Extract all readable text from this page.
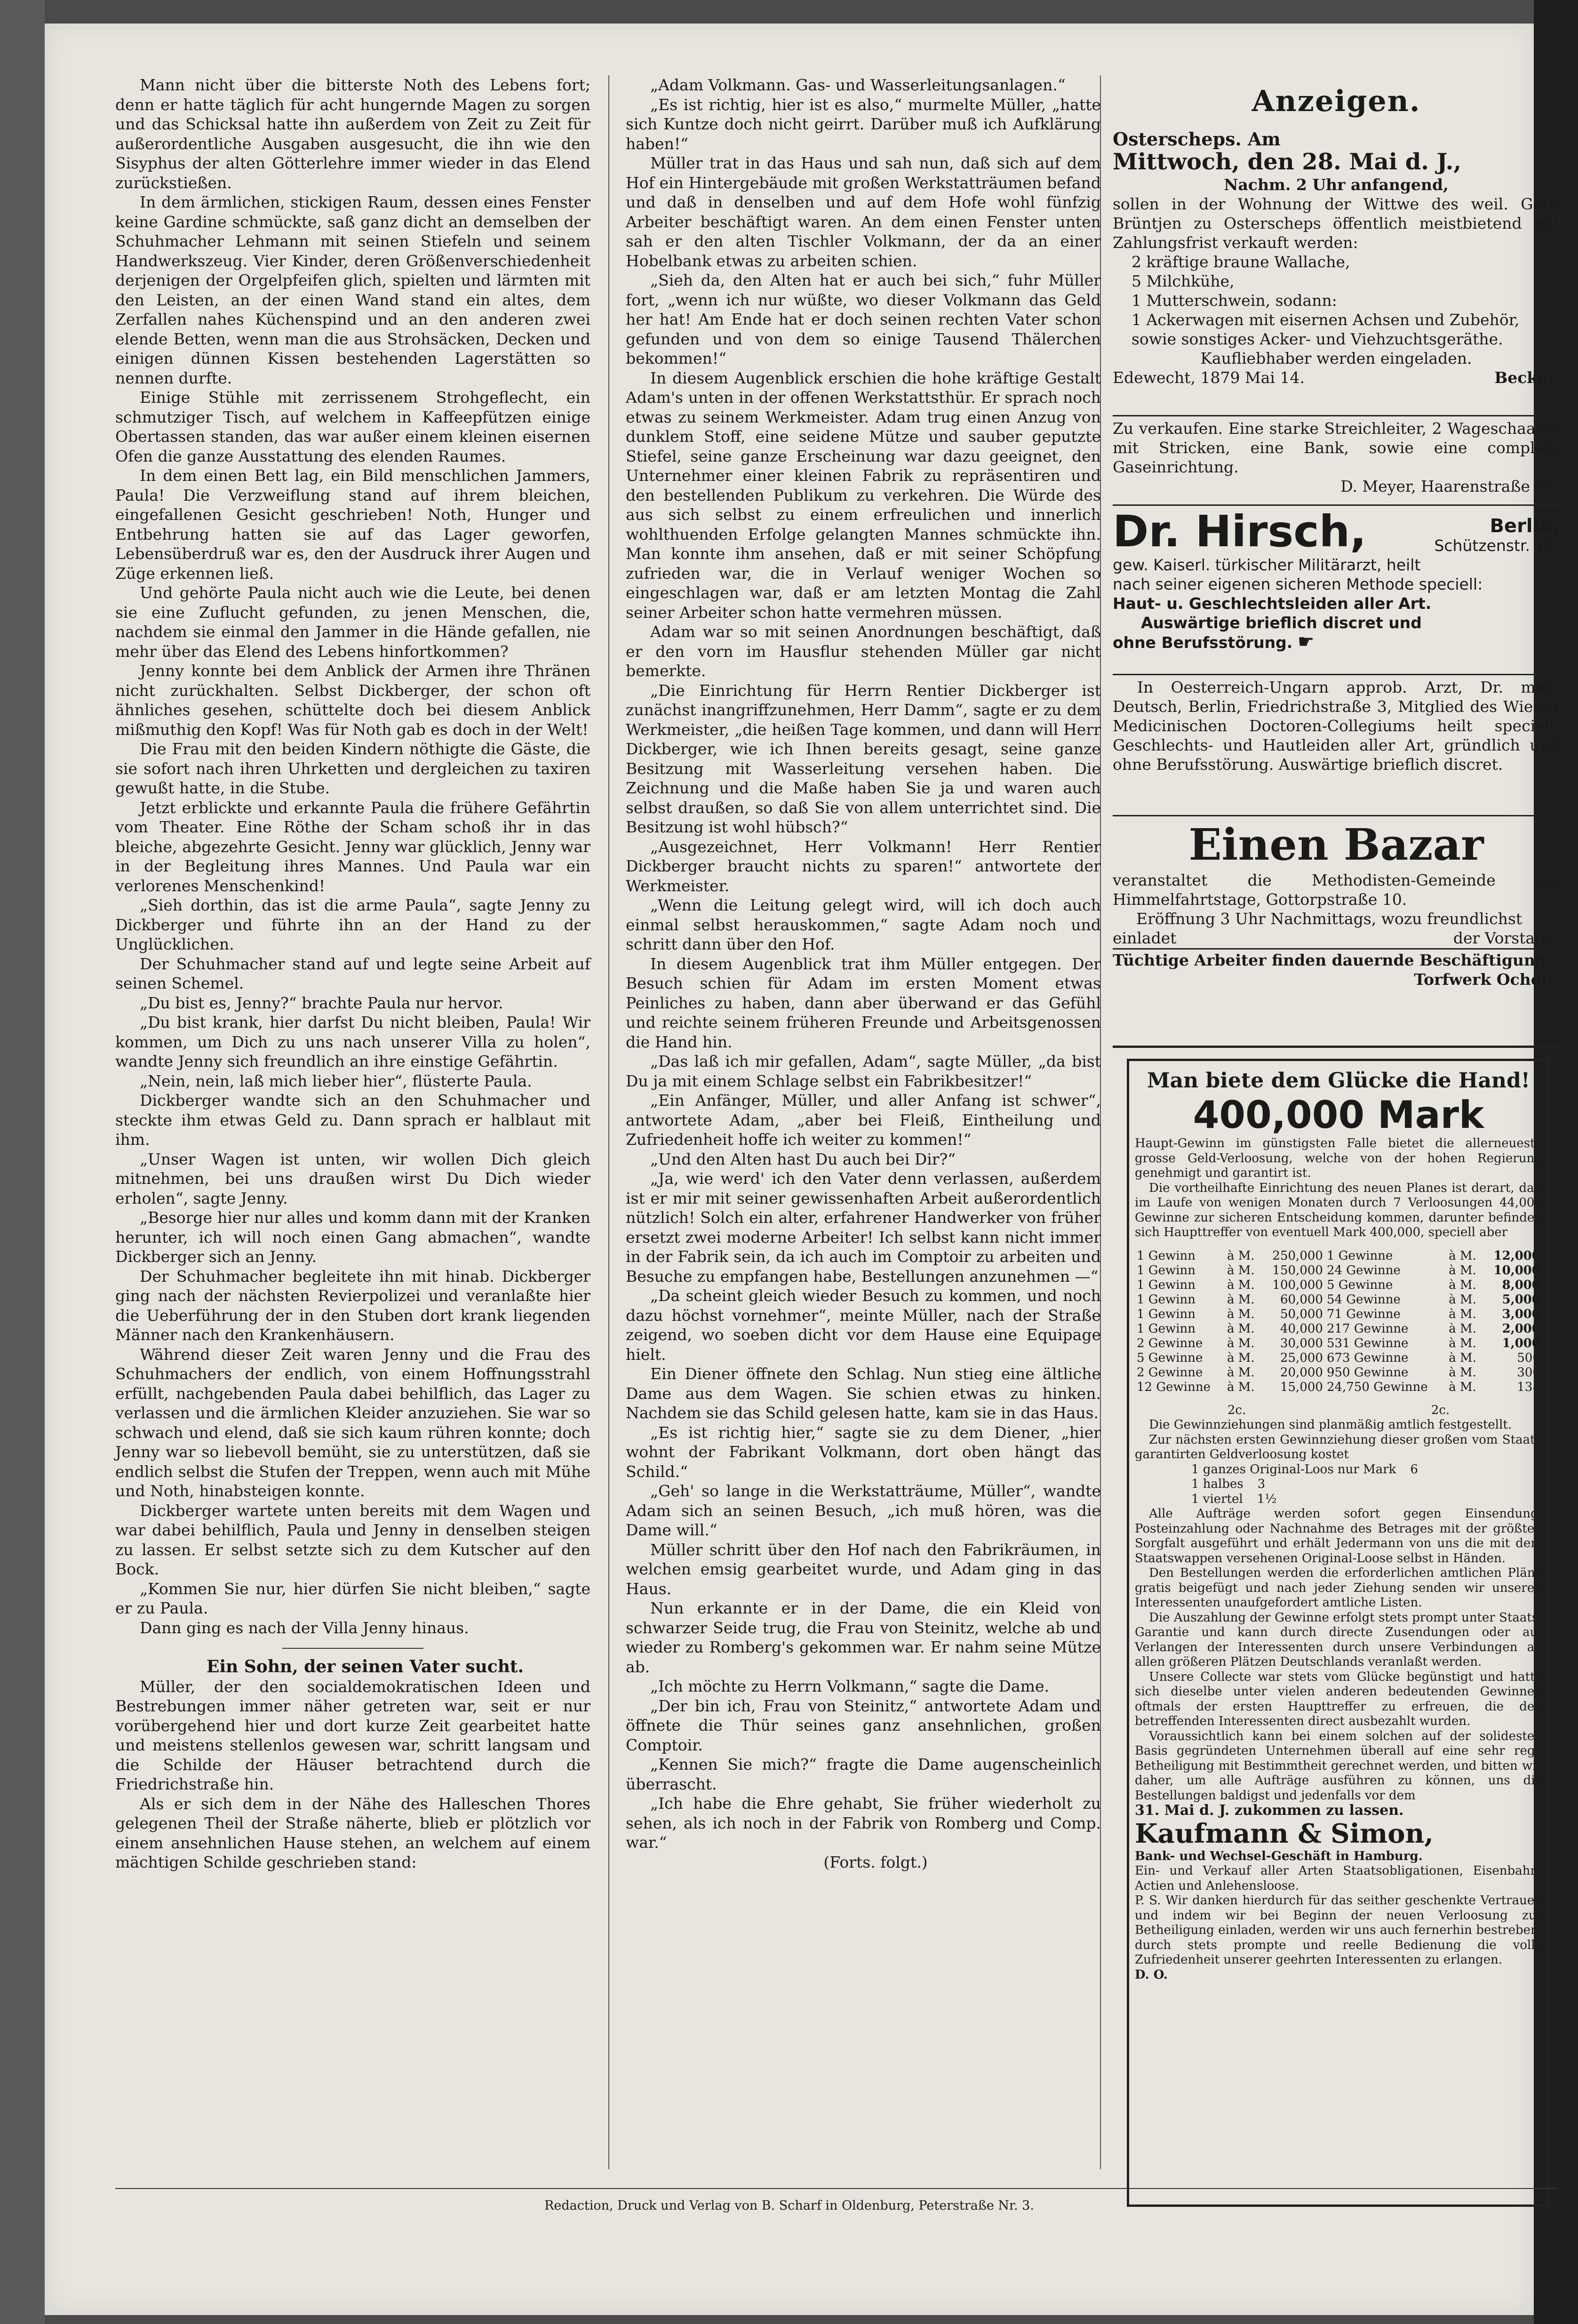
Mann nicht über die bitterste Noth des Lebens fort; denn er hatte täglich für acht hungernde Magen zu sorgen und das Schicksal hatte ihn außerdem von Zeit zu Zeit für außerordentliche Ausgaben ausgesucht, die ihn wie den Sisyphus der alten Götterlehre immer wieder in das Elend zurückstießen.

In dem ärmlichen, stickigen Raum, dessen eines Fenster keine Gardine schmückte, saß ganz dicht an demselben der Schuhmacher Lehmann mit seinen Stiefeln und seinem Handwerkszeug. Vier Kinder, deren Größenverschiedenheit derjenigen der Orgelpfeifen glich, spielten und lärmten mit den Leisten, an der einen Wand stand ein altes, dem Zerfallen nahes Küchenspind und an den anderen zwei elende Betten, wenn man die aus Strohsäcken, Decken und einigen dünnen Kissen bestehenden Lagerstätten so nennen durfte.

Einige Stühle mit zerrissenem Strohgeflecht, ein schmutziger Tisch, auf welchem in Kaffeepfützen einige Obertassen standen, das war außer einem kleinen eisernen Ofen die ganze Ausstattung des elenden Raumes.

In dem einen Bett lag, ein Bild menschlichen Jammers, Paula! Die Verzweiflung stand auf ihrem bleichen, eingefallenen Gesicht geschrieben! Noth, Hunger und Entbehrung hatten sie auf das Lager geworfen, Lebensüberdruß war es, den der Ausdruck ihrer Augen und Züge erkennen ließ.

Und gehörte Paula nicht auch wie die Leute, bei denen sie eine Zuflucht gefunden, zu jenen Menschen, die, nachdem sie einmal den Jammer in die Hände gefallen, nie mehr über das Elend des Lebens hinfortkommen?

Jenny konnte bei dem Anblick der Armen ihre Thränen nicht zurückhalten. Selbst Dickberger, der schon oft ähnliches gesehen, schüttelte doch bei diesem Anblick mißmuthig den Kopf! Was für Noth gab es doch in der Welt!

Die Frau mit den beiden Kindern nöthigte die Gäste, die sie sofort nach ihren Uhrketten und dergleichen zu taxiren gewußt hatte, in die Stube.

Jetzt erblickte und erkannte Paula die frühere Gefährtin vom Theater. Eine Röthe der Scham schoß ihr in das bleiche, abgezehrte Gesicht. Jenny war glücklich, Jenny war in der Begleitung ihres Mannes. Und Paula war ein verlorenes Menschenkind!

„Sieh dorthin, das ist die arme Paula“, sagte Jenny zu Dickberger und führte ihn an der Hand zu der Unglücklichen.

Der Schuhmacher stand auf und legte seine Arbeit auf seinen Schemel.

„Du bist es, Jenny?“ brachte Paula nur hervor.

„Du bist krank, hier darfst Du nicht bleiben, Paula! Wir kommen, um Dich zu uns nach unserer Villa zu holen“, wandte Jenny sich freundlich an ihre einstige Gefährtin.

„Nein, nein, laß mich lieber hier“, flüsterte Paula.

Dickberger wandte sich an den Schuhmacher und steckte ihm etwas Geld zu. Dann sprach er halblaut mit ihm.

„Unser Wagen ist unten, wir wollen Dich gleich mitnehmen, bei uns draußen wirst Du Dich wieder erholen“, sagte Jenny.

„Besorge hier nur alles und komm dann mit der Kranken herunter, ich will noch einen Gang abmachen“, wandte Dickberger sich an Jenny.

Der Schuhmacher begleitete ihn mit hinab. Dickberger ging nach der nächsten Revierpolizei und veranlaßte hier die Ueberführung der in den Stuben dort krank liegenden Männer nach den Krankenhäusern.

Während dieser Zeit waren Jenny und die Frau des Schuhmachers der endlich, von einem Hoffnungsstrahl erfüllt, nachgebenden Paula dabei behilflich, das Lager zu verlassen und die ärmlichen Kleider anzuziehen. Sie war so schwach und elend, daß sie sich kaum rühren konnte; doch Jenny war so liebevoll bemüht, sie zu unterstützen, daß sie endlich selbst die Stufen der Treppen, wenn auch mit Mühe und Noth, hinabsteigen konnte.

Dickberger wartete unten bereits mit dem Wagen und war dabei behilflich, Paula und Jenny in denselben steigen zu lassen. Er selbst setzte sich zu dem Kutscher auf den Bock.

„Kommen Sie nur, hier dürfen Sie nicht bleiben,“ sagte er zu Paula.

Dann ging es nach der Villa Jenny hinaus.

Ein Sohn, der seinen Vater sucht.

Müller, der den socialdemokratischen Ideen und Bestrebungen immer näher getreten war, seit er nur vorübergehend hier und dort kurze Zeit gearbeitet hatte und meistens stellenlos gewesen war, schritt langsam und die Schilde der Häuser betrachtend durch die Friedrichstraße hin.

Als er sich dem in der Nähe des Halleschen Thores gelegenen Theil der Straße näherte, blieb er plötzlich vor einem ansehnlichen Hause stehen, an welchem auf einem mächtigen Schilde geschrieben stand:

„Adam Volkmann. Gas- und Wasserleitungsanlagen.“

„Es ist richtig, hier ist es also,“ murmelte Müller, „hatte sich Kuntze doch nicht geirrt. Darüber muß ich Aufklärung haben!“

Müller trat in das Haus und sah nun, daß sich auf dem Hof ein Hintergebäude mit großen Werkstatträumen befand und daß in denselben und auf dem Hofe wohl fünfzig Arbeiter beschäftigt waren. An dem einen Fenster unten sah er den alten Tischler Volkmann, der da an einer Hobelbank etwas zu arbeiten schien.

„Sieh da, den Alten hat er auch bei sich,“ fuhr Müller fort, „wenn ich nur wüßte, wo dieser Volkmann das Geld her hat! Am Ende hat er doch seinen rechten Vater schon gefunden und von dem so einige Tausend Thälerchen bekommen!“

In diesem Augenblick erschien die hohe kräftige Gestalt Adam's unten in der offenen Werkstattsthür. Er sprach noch etwas zu seinem Werkmeister. Adam trug einen Anzug von dunklem Stoff, eine seidene Mütze und sauber geputzte Stiefel, seine ganze Erscheinung war dazu geeignet, den Unternehmer einer kleinen Fabrik zu repräsentiren und den bestellenden Publikum zu verkehren. Die Würde des aus sich selbst zu einem erfreulichen und innerlich wohlthuenden Erfolge gelangten Mannes schmückte ihn. Man konnte ihm ansehen, daß er mit seiner Schöpfung zufrieden war, die in Verlauf weniger Wochen so eingeschlagen war, daß er am letzten Montag die Zahl seiner Arbeiter schon hatte vermehren müssen.

Adam war so mit seinen Anordnungen beschäftigt, daß er den vorn im Hausflur stehenden Müller gar nicht bemerkte.

„Die Einrichtung für Herrn Rentier Dickberger ist zunächst inangriffzunehmen, Herr Damm“, sagte er zu dem Werkmeister, „die heißen Tage kommen, und dann will Herr Dickberger, wie ich Ihnen bereits gesagt, seine ganze Besitzung mit Wasserleitung versehen haben. Die Zeichnung und die Maße haben Sie ja und waren auch selbst draußen, so daß Sie von allem unterrichtet sind. Die Besitzung ist wohl hübsch?“

„Ausgezeichnet, Herr Volkmann! Herr Rentier Dickberger braucht nichts zu sparen!“ antwortete der Werkmeister.

„Wenn die Leitung gelegt wird, will ich doch auch einmal selbst herauskommen,“ sagte Adam noch und schritt dann über den Hof.

In diesem Augenblick trat ihm Müller entgegen. Der Besuch schien für Adam im ersten Moment etwas Peinliches zu haben, dann aber überwand er das Gefühl und reichte seinem früheren Freunde und Arbeitsgenossen die Hand hin.

„Das laß ich mir gefallen, Adam“, sagte Müller, „da bist Du ja mit einem Schlage selbst ein Fabrikbesitzer!“

„Ein Anfänger, Müller, und aller Anfang ist schwer“, antwortete Adam, „aber bei Fleiß, Eintheilung und Zufriedenheit hoffe ich weiter zu kommen!“

„Und den Alten hast Du auch bei Dir?“

„Ja, wie werd' ich den Vater denn verlassen, außerdem ist er mir mit seiner gewissenhaften Arbeit außerordentlich nützlich! Solch ein alter, erfahrener Handwerker von früher ersetzt zwei moderne Arbeiter! Ich selbst kann nicht immer in der Fabrik sein, da ich auch im Comptoir zu arbeiten und Besuche zu empfangen habe, Bestellungen anzunehmen —“

„Da scheint gleich wieder Besuch zu kommen, und noch dazu höchst vornehmer“, meinte Müller, nach der Straße zeigend, wo soeben dicht vor dem Hause eine Equipage hielt.

Ein Diener öffnete den Schlag. Nun stieg eine ältliche Dame aus dem Wagen. Sie schien etwas zu hinken. Nachdem sie das Schild gelesen hatte, kam sie in das Haus.

„Es ist richtig hier,“ sagte sie zu dem Diener, „hier wohnt der Fabrikant Volkmann, dort oben hängt das Schild.“

„Geh' so lange in die Werkstatträume, Müller“, wandte Adam sich an seinen Besuch, „ich muß hören, was die Dame will.“

Müller schritt über den Hof nach den Fabrikräumen, in welchen emsig gearbeitet wurde, und Adam ging in das Haus.

Nun erkannte er in der Dame, die ein Kleid von schwarzer Seide trug, die Frau von Steinitz, welche ab und wieder zu Romberg's gekommen war. Er nahm seine Mütze ab.

„Ich möchte zu Herrn Volkmann,“ sagte die Dame.

„Der bin ich, Frau von Steinitz,“ antwortete Adam und öffnete die Thür seines ganz ansehnlichen, großen Comptoir.

„Kennen Sie mich?“ fragte die Dame augenscheinlich überrascht.

„Ich habe die Ehre gehabt, Sie früher wiederholt zu sehen, als ich noch in der Fabrik von Romberg und Comp. war.“

(Forts. folgt.)

Anzeigen.

Osterscheps. Am

Mittwoch, den 28. Mai d. J.,

Nachm. 2 Uhr anfangend,

sollen in der Wohnung der Wittwe des weil. Gerd Brüntjen zu Osterscheps öffentlich meistbietend mit Zahlungsfrist verkauft werden:

2 kräftige braune Wallache,

5 Milchkühe,

1 Mutterschwein, sodann:

1 Ackerwagen mit eisernen Achsen und Zubehör, sowie sonstiges Acker- und Viehzuchtsgeräthe.

Kaufliebhaber werden eingeladen.

Edewecht, 1879 Mai 14.	Becker.

Zu verkaufen. Eine starke Streichleiter, 2 Wageschaalen mit Stricken, eine Bank, sowie eine complete Gaseinrichtung.

D. Meyer, Haarenstraße 38.

Dr. Hirsch,	Berlin,
Schützenstr. 18,

gew. Kaiserl. türkischer Militärarzt, heilt

nach seiner eigenen sicheren Methode speciell:

Haut- u. Geschlechtsleiden aller Art.

Auswärtige brieflich discret und

ohne Berufsstörung. ☛

In Oesterreich-Ungarn approb. Arzt, Dr. med. Deutsch, Berlin, Friedrichstraße 3, Mitglied des Wiener Medicinischen Doctoren-Collegiums heilt speciell: Geschlechts- und Hautleiden aller Art, gründlich und ohne Berufsstörung. Auswärtige brieflich discret.

Einen Bazar

veranstaltet die Methodisten-Gemeinde am Himmelfahrtstage, Gottorpstraße 10.

Eröffnung 3 Uhr Nachmittags, wozu freundlichst

einladet	der Vorstand.

Tüchtige Arbeiter finden dauernde Beschäftigung.

Torfwerk Ocholt.

Man biete dem Glücke die Hand!

400,000 Mark

Haupt-Gewinn im günstigsten Falle bietet die allerneueste grosse Geld-Verloosung, welche von der hohen Regierung genehmigt und garantirt ist.

Die vortheilhafte Einrichtung des neuen Planes ist derart, daß im Laufe von wenigen Monaten durch 7 Verloosungen 44,000 Gewinne zur sicheren Entscheidung kommen, darunter befinden sich Haupttreffer von eventuell Mark 400,000, speciell aber

1 Gewinn	à M.	250,000	1 Gewinne	à M.	12,000
1 Gewinn	à M.	150,000	24 Gewinne	à M.	10,000
1 Gewinn	à M.	100,000	5 Gewinne	à M.	8,000
1 Gewinn	à M.	60,000	54 Gewinne	à M.	5,000
1 Gewinn	à M.	50,000	71 Gewinne	à M.	3,000
1 Gewinn	à M.	40,000	217 Gewinne	à M.	2,000
2 Gewinne	à M.	30,000	531 Gewinne	à M.	1,000
5 Gewinne	à M.	25,000	673 Gewinne	à M.	500
2 Gewinne	à M.	20,000	950 Gewinne	à M.	300
12 Gewinne	à M.	15,000	24,750 Gewinne	à M.	138

2c.	2c.

Die Gewinnziehungen sind planmäßig amtlich festgestellt.

Zur nächsten ersten Gewinnziehung dieser großen vom Staate garantirten Geldverloosung kostet

1 ganzes Original-Loos nur Mark 6

1 halbes 3

1 viertel 1½

Alle Aufträge werden sofort gegen Einsendung, Posteinzahlung oder Nachnahme des Betrages mit der größten Sorgfalt ausgeführt und erhält Jedermann von uns die mit dem Staatswappen versehenen Original-Loose selbst in Händen.

Den Bestellungen werden die erforderlichen amtlichen Pläne gratis beigefügt und nach jeder Ziehung senden wir unseren Interessenten unaufgefordert amtliche Listen.

Die Auszahlung der Gewinne erfolgt stets prompt unter Staats-Garantie und kann durch directe Zusendungen oder auf Verlangen der Interessenten durch unsere Verbindungen an allen größeren Plätzen Deutschlands veranlaßt werden.

Unsere Collecte war stets vom Glücke begünstigt und hatte sich dieselbe unter vielen anderen bedeutenden Gewinnen oftmals der ersten Haupttreffer zu erfreuen, die den betreffenden Interessenten direct ausbezahlt wurden.

Voraussichtlich kann bei einem solchen auf der solidesten Basis gegründeten Unternehmen überall auf eine sehr rege Betheiligung mit Bestimmtheit gerechnet werden, und bitten wir daher, um alle Aufträge ausführen zu können, uns die Bestellungen baldigst und jedenfalls vor dem

31. Mai d. J. zukommen zu lassen.

Kaufmann & Simon,

Bank- und Wechsel-Geschäft in Hamburg.

Ein- und Verkauf aller Arten Staatsobligationen, Eisenbahn-Actien und Anlehensloose.

P. S. Wir danken hierdurch für das seither geschenkte Vertrauen und indem wir bei Beginn der neuen Verloosung zur Betheiligung einladen, werden wir uns auch fernerhin bestreben, durch stets prompte und reelle Bedienung die volle Zufriedenheit unserer geehrten Interessenten zu erlangen.

D. O.

Redaction, Druck und Verlag von B. Scharf in Oldenburg, Peterstraße Nr. 3.
